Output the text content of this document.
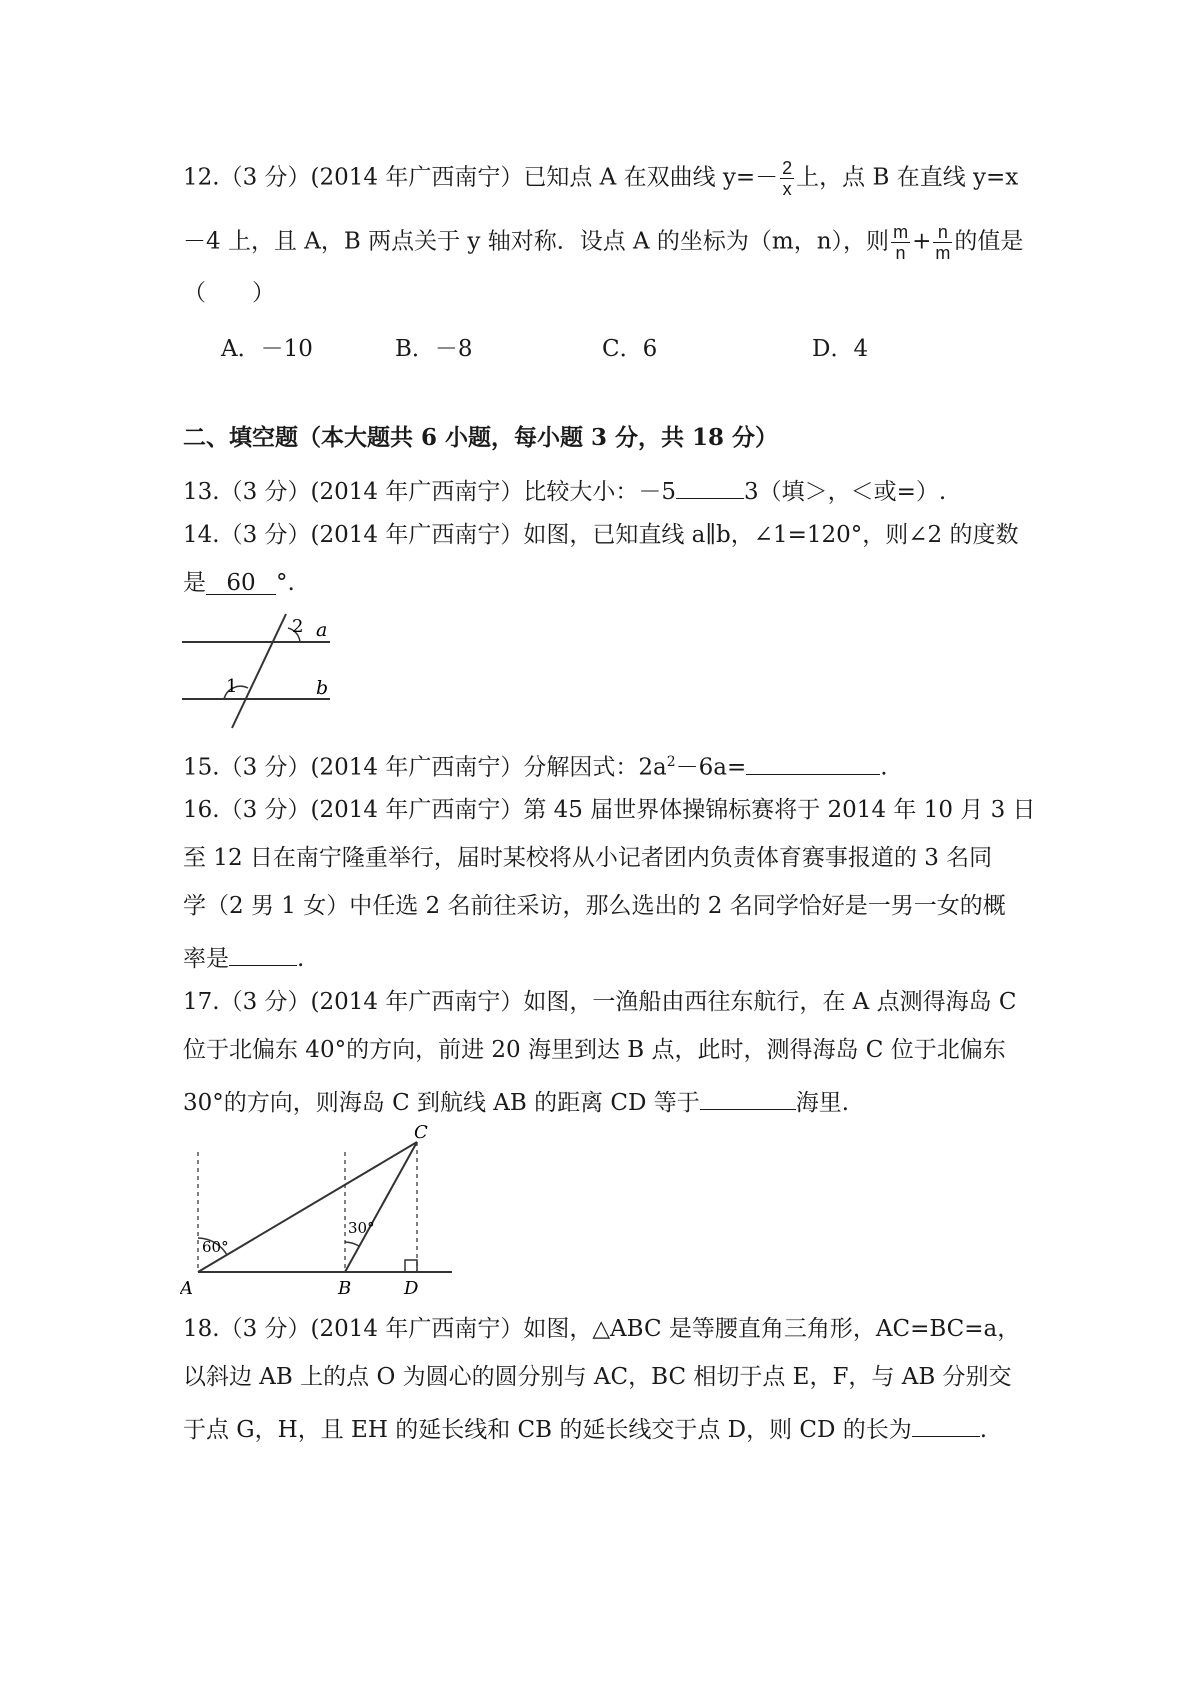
12.（3 分）(2014 年广西南宁）已知点 A 在双曲线 $y=- \frac{2}{x}$ 上，点 B 在直线 y=x
－4 上，且 A，B 两点关于 y 轴对称．设点 A 的坐标为（m，n），则 $\frac{m}{n} + \frac{n}{m}$ 的值是
（　　）
A．－10	B．－8	C．6	D．4
二、填空题（本大题共 6 小题，每小题 3 分，共 18 分）
13.（3 分）(2014 年广西南宁）比较大小：－5	3（填＞，＜或=）.
14.（3 分）(2014 年广西南宁）如图，已知直线 a∥b，∠1=120°，则∠2 的度数
是 60 °.
2 a
1	b
15.（3 分）(2014 年广西南宁）分解因式：$2a^2-6a=$	.
16.（3 分）(2014 年广西南宁）第 45 届世界体操锦标赛将于 2014 年 10 月 3 日
至 12 日在南宁隆重举行，届时某校将从小记者团内负责体育赛事报道的 3 名同
学（2 男 1 女）中任选 2 名前往采访，那么选出的 2 名同学恰好是一男一女的概
率是	.
17.（3 分）(2014 年广西南宁）如图，一渔船由西往东航行，在 A 点测得海岛 C
位于北偏东 40°的方向，前进 20 海里到达 B 点，此时，测得海岛 C 位于北偏东
30°的方向，则海岛 C 到航线 AB 的距离 CD 等于	海里.
C
A	B	D
60°
30°
18.（3 分）(2014 年广西南宁）如图，△ABC 是等腰直角三角形，AC=BC=a，
以斜边 AB 上的点 O 为圆心的圆分别与 AC，BC 相切于点 E，F，与 AB 分别交
于点 G，H，且 EH 的延长线和 CB 的延长线交于点 D，则 CD 的长为	.
